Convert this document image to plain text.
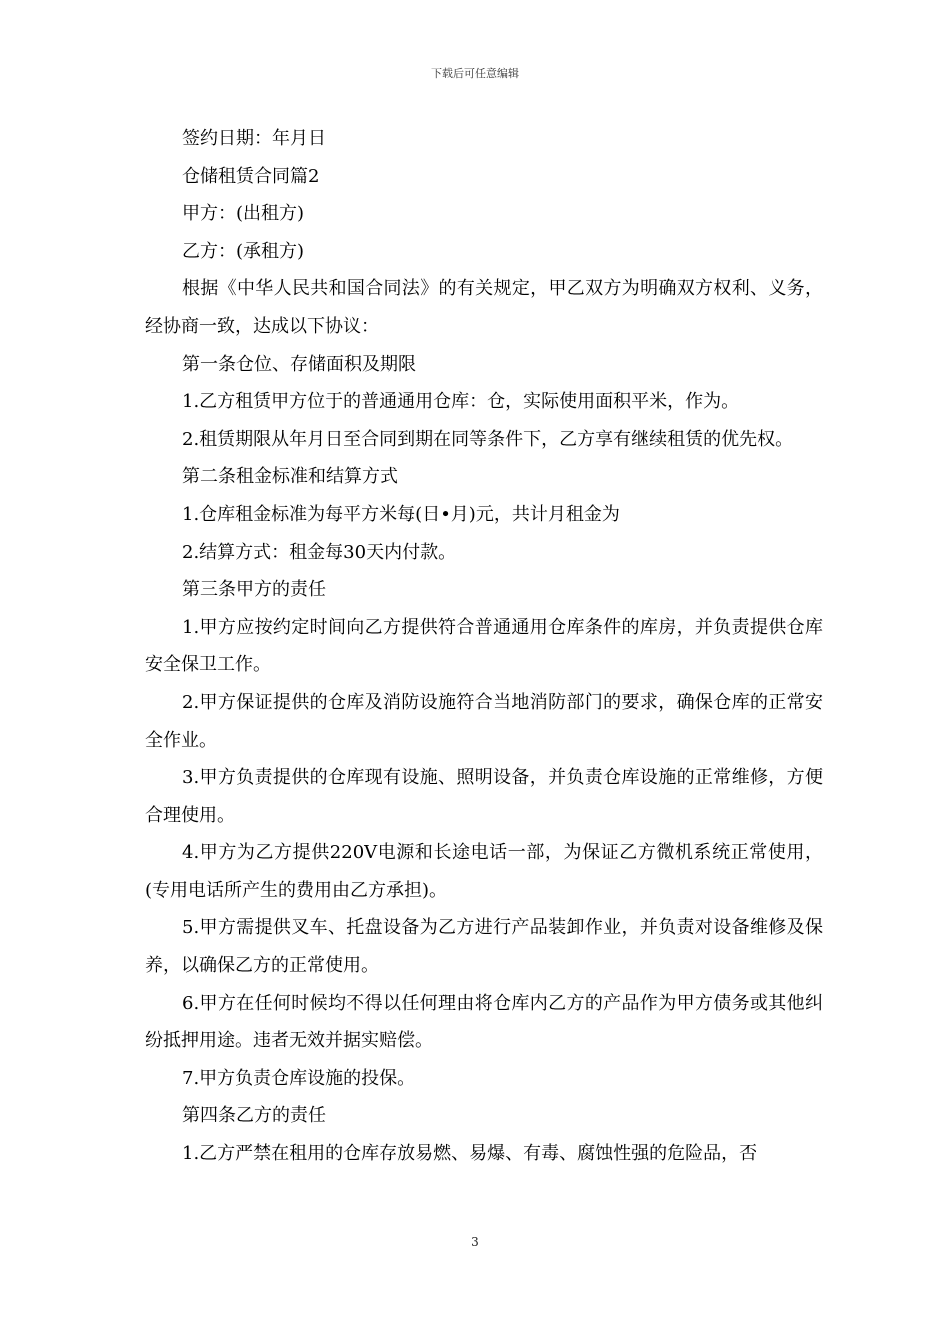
下载后可任意编辑

签约日期：年月日

仓储租赁合同篇2

甲方：(出租方)

乙方：(承租方)

根据《中华人民共和国合同法》的有关规定，甲乙双方为明确双方权利、义务，经协商一致，达成以下协议：

第一条仓位、存储面积及期限

1.乙方租赁甲方位于的普通通用仓库：仓，实际使用面积平米，作为。

2.租赁期限从年月日至合同到期在同等条件下，乙方享有继续租赁的优先权。

第二条租金标准和结算方式

1.仓库租金标准为每平方米每(日•月)元，共计月租金为

2.结算方式：租金每30天内付款。

第三条甲方的责任

1.甲方应按约定时间向乙方提供符合普通通用仓库条件的库房，并负责提供仓库安全保卫工作。

2.甲方保证提供的仓库及消防设施符合当地消防部门的要求，确保仓库的正常安全作业。

3.甲方负责提供的仓库现有设施、照明设备，并负责仓库设施的正常维修，方便合理使用。

4.甲方为乙方提供220V电源和长途电话一部，为保证乙方微机系统正常使用，(专用电话所产生的费用由乙方承担)。

5.甲方需提供叉车、托盘设备为乙方进行产品装卸作业，并负责对设备维修及保养，以确保乙方的正常使用。

6.甲方在任何时候均不得以任何理由将仓库内乙方的产品作为甲方债务或其他纠纷抵押用途。违者无效并据实赔偿。

7.甲方负责仓库设施的投保。

第四条乙方的责任

1.乙方严禁在租用的仓库存放易燃、易爆、有毒、腐蚀性强的危险品，否

3
